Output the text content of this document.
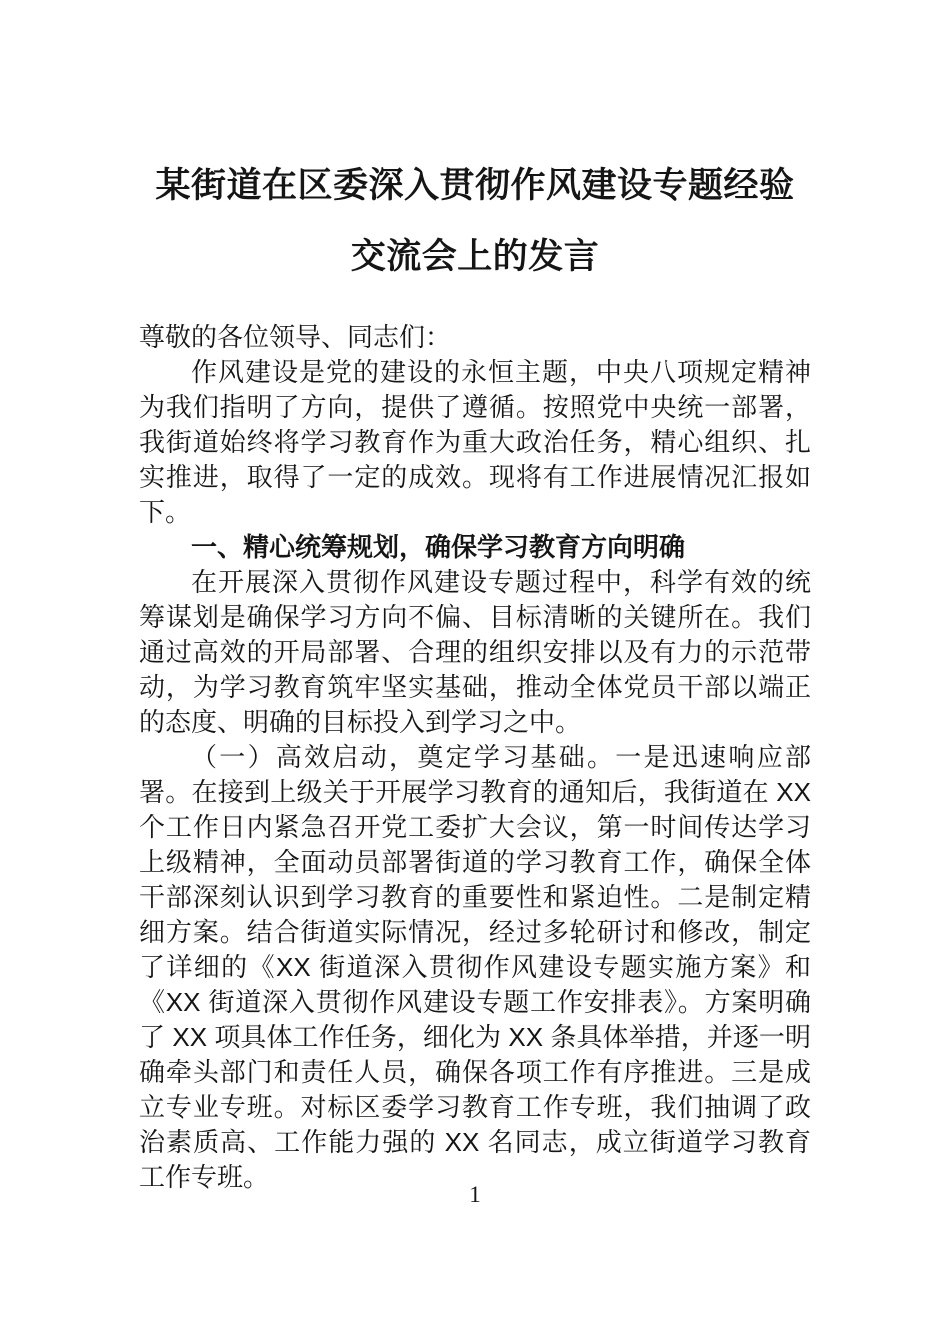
某街道在区委深入贯彻作风建设专题经验
交流会上的发言

尊敬的各位领导、同志们：

作风建设是党的建设的永恒主题，中央八项规定精神为我们指明了方向，提供了遵循。按照党中央统一部署，我街道始终将学习教育作为重大政治任务，精心组织、扎实推进，取得了一定的成效。现将有工作进展情况汇报如下。

一、精心统筹规划，确保学习教育方向明确

在开展深入贯彻作风建设专题过程中，科学有效的统筹谋划是确保学习方向不偏、目标清晰的关键所在。我们通过高效的开局部署、合理的组织安排以及有力的示范带动，为学习教育筑牢坚实基础，推动全体党员干部以端正的态度、明确的目标投入到学习之中。

（一）高效启动，奠定学习基础。一是迅速响应部署。在接到上级关于开展学习教育的通知后，我街道在 XX 个工作日内紧急召开党工委扩大会议，第一时间传达学习上级精神，全面动员部署街道的学习教育工作，确保全体干部深刻认识到学习教育的重要性和紧迫性。二是制定精细方案。结合街道实际情况，经过多轮研讨和修改，制定了详细的《XX 街道深入贯彻作风建设专题实施方案》和《XX 街道深入贯彻作风建设专题工作安排表》。方案明确了 XX 项具体工作任务，细化为 XX 条具体举措，并逐一明确牵头部门和责任人员，确保各项工作有序推进。三是成立专业专班。对标区委学习教育工作专班，我们抽调了政治素质高、工作能力强的 XX 名同志，成立街道学习教育工作专班。

1
